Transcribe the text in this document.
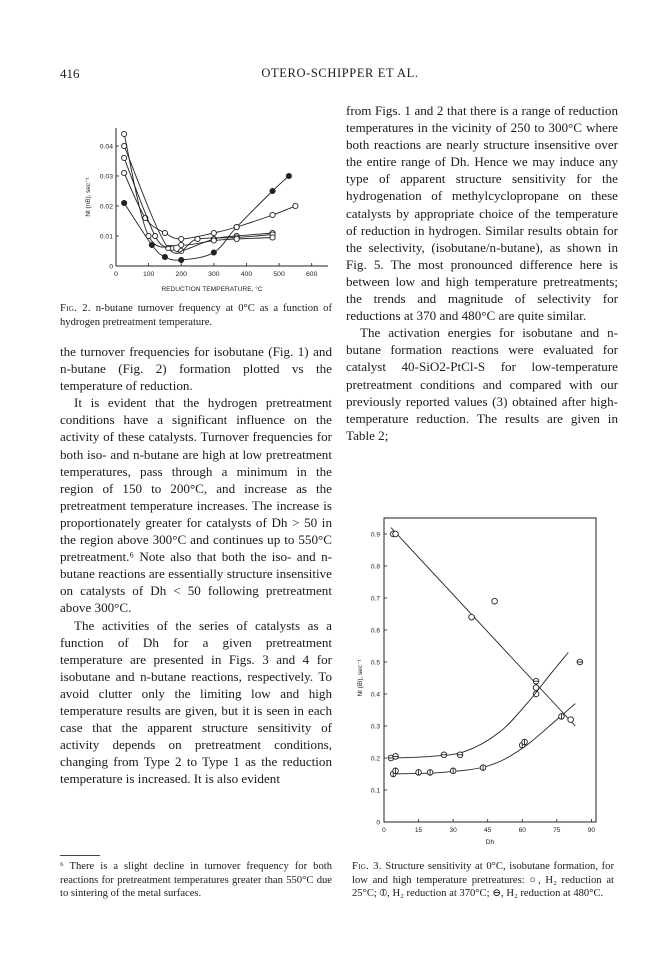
416	OTERO-SCHIPPER ET AL.
0	100	200	300	400	500	600
0
0.01
0.02
0.03
0.04
REDUCTION TEMPERATURE, °C
Nt (nB), sec⁻¹
Fig. 2. n-butane turnover frequency at 0°C as a function of hydrogen pretreatment temperature.

the turnover frequencies for isobutane (Fig. 1) and n-butane (Fig. 2) formation plotted vs the temperature of reduction.

It is evident that the hydrogen pretreatment conditions have a significant influence on the activity of these catalysts. Turnover frequencies for both iso- and n-butane are high at low pretreatment temperatures, pass through a minimum in the region of 150 to 200°C, and increase as the pretreatment temperature increases. The increase is proportionately greater for catalysts of Dh > 50 in the region above 300°C and continues up to 550°C pretreatment.⁶ Note also that both the iso- and n-butane reactions are essentially structure insensitive on catalysts of Dh < 50 following pretreatment above 300°C.

The activities of the series of catalysts as a function of Dh for a given pretreatment temperature are presented in Figs. 3 and 4 for isobutane and n-butane reactions, respectively. To avoid clutter only the limiting low and high temperature results are given, but it is seen in each case that the apparent structure sensitivity of activity depends on pretreatment conditions, changing from Type 2 to Type 1 as the reduction temperature is increased. It is also evident

⁶ There is a slight decline in turnover frequency for both reactions for pretreatment temperatures greater than 550°C due to sintering of the metal surfaces.

from Figs. 1 and 2 that there is a range of reduction temperatures in the vicinity of 250 to 300°C where both reactions are nearly structure insensitive over the entire range of Dh. Hence we may induce any type of apparent structure sensitivity for the hydrogenation of methylcyclopropane on these catalysts by appropriate choice of the temperature of reduction in hydrogen. Similar results obtain for the selectivity, (isobutane/n-butane), as shown in Fig. 5. The most pronounced difference here is between low and high temperature pretreatments; the trends and magnitude of selectivity for reductions at 370 and 480°C are quite similar.

The activation energies for isobutane and n-butane formation reactions were evaluated for catalyst 40-SiO2-PtCl-S for low-temperature pretreatment conditions and compared with our previously reported values (3) obtained after high-temperature reduction. The results are given in Table 2;

0	15	30	45	60	75	90
0
0.1
0.2
0.3
0.4
0.5
0.6
0.7
0.8
0.9
Dh
Nt (iB), sec⁻¹
Fig. 3. Structure sensitivity at 0°C, isobutane formation, for low and high temperature pretreatures: ○, H₂ reduction at 25°C; ⦶, H₂ reduction at 370°C; ⊖, H₂ reduction at 480°C.
